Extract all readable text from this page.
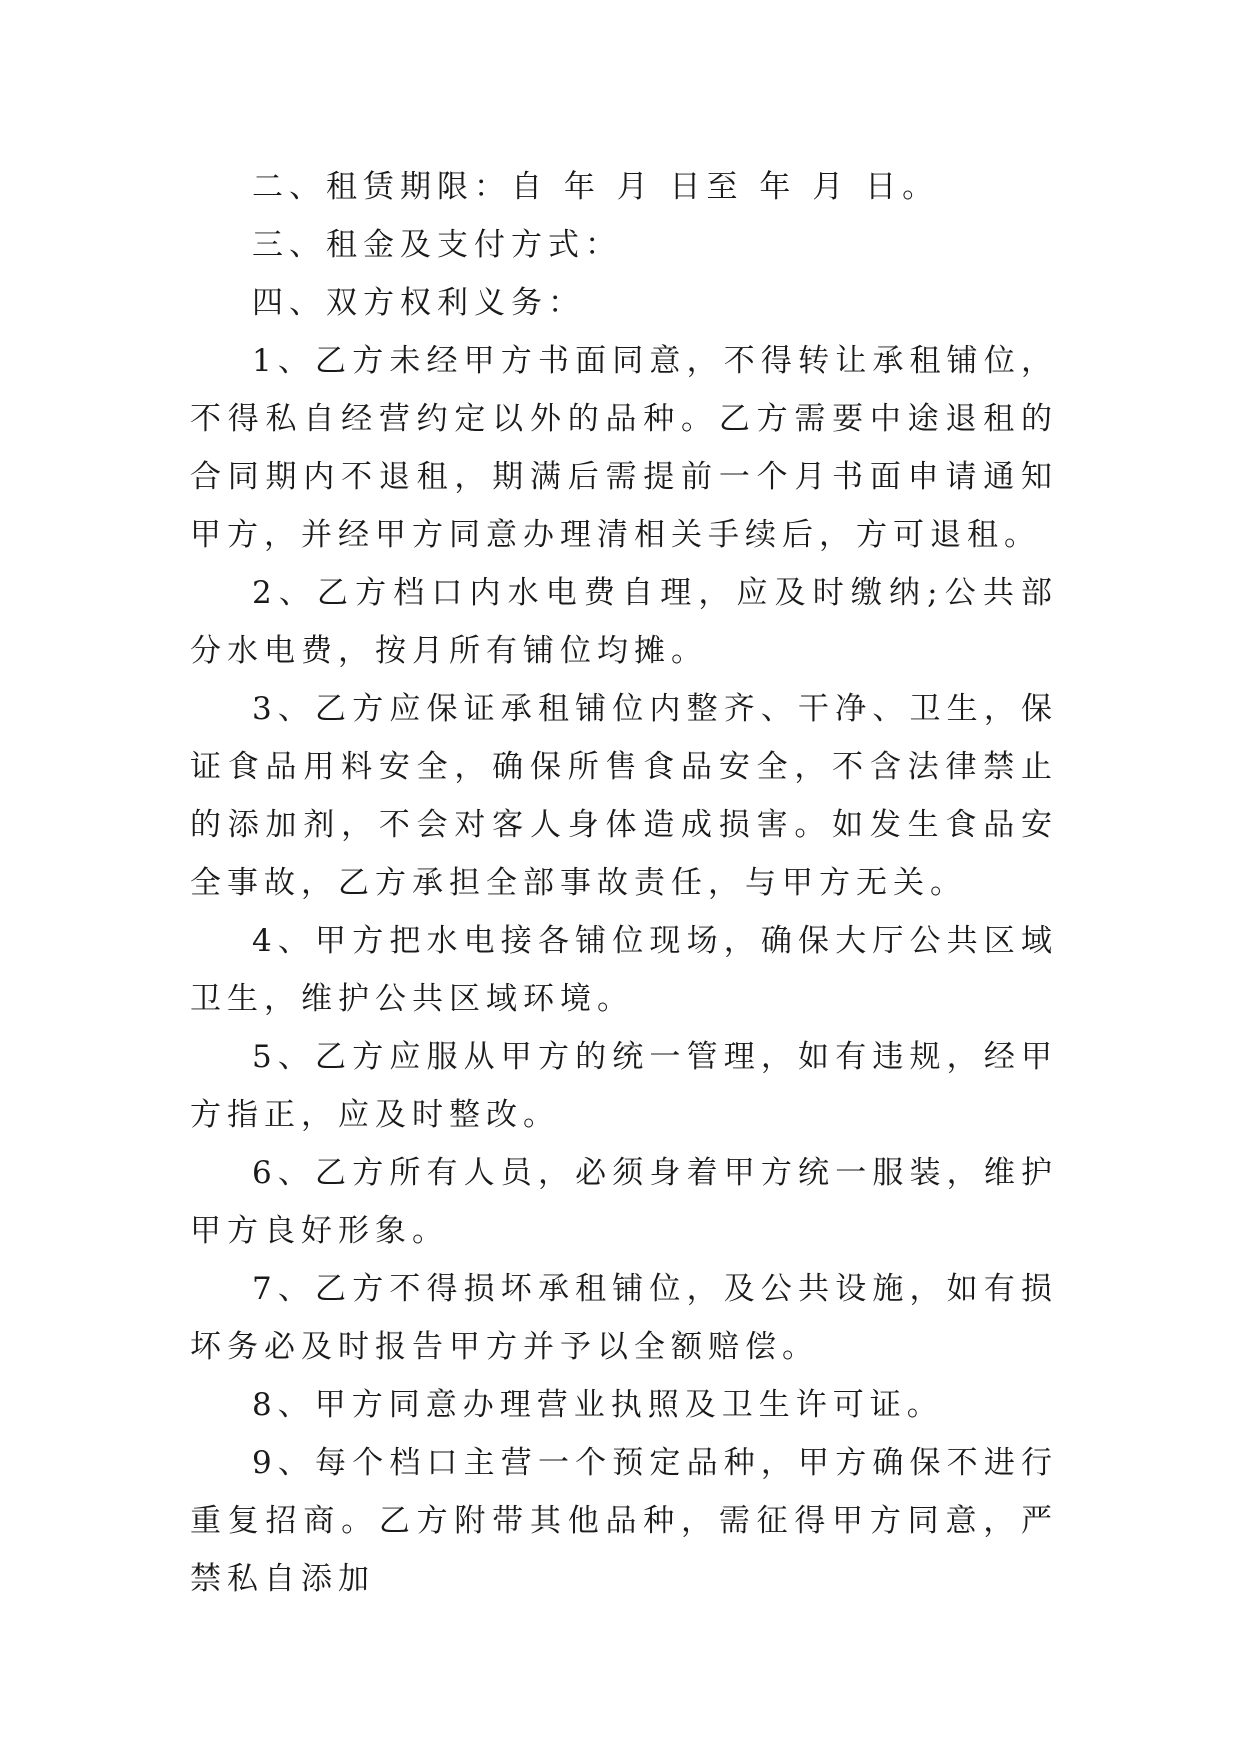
二、租赁期限：自 年 月 日至 年 月 日。

三、租金及支付方式：

四、双方权利义务：

1、乙方未经甲方书面同意，不得转让承租铺位，不得私自经营约定以外的品种。乙方需要中途退租的合同期内不退租，期满后需提前一个月书面申请通知甲方，并经甲方同意办理清相关手续后，方可退租。

2、乙方档口内水电费自理，应及时缴纳;公共部分水电费，按月所有铺位均摊。

3、乙方应保证承租铺位内整齐、干净、卫生，保证食品用料安全，确保所售食品安全，不含法律禁止的添加剂，不会对客人身体造成损害。如发生食品安全事故，乙方承担全部事故责任，与甲方无关。

4、甲方把水电接各铺位现场，确保大厅公共区域卫生，维护公共区域环境。

5、乙方应服从甲方的统一管理，如有违规，经甲方指正，应及时整改。

6、乙方所有人员，必须身着甲方统一服装，维护甲方良好形象。

7、乙方不得损坏承租铺位，及公共设施，如有损坏务必及时报告甲方并予以全额赔偿。

8、甲方同意办理营业执照及卫生许可证。

9、每个档口主营一个预定品种，甲方确保不进行重复招商。乙方附带其他品种，需征得甲方同意，严禁私自添加
